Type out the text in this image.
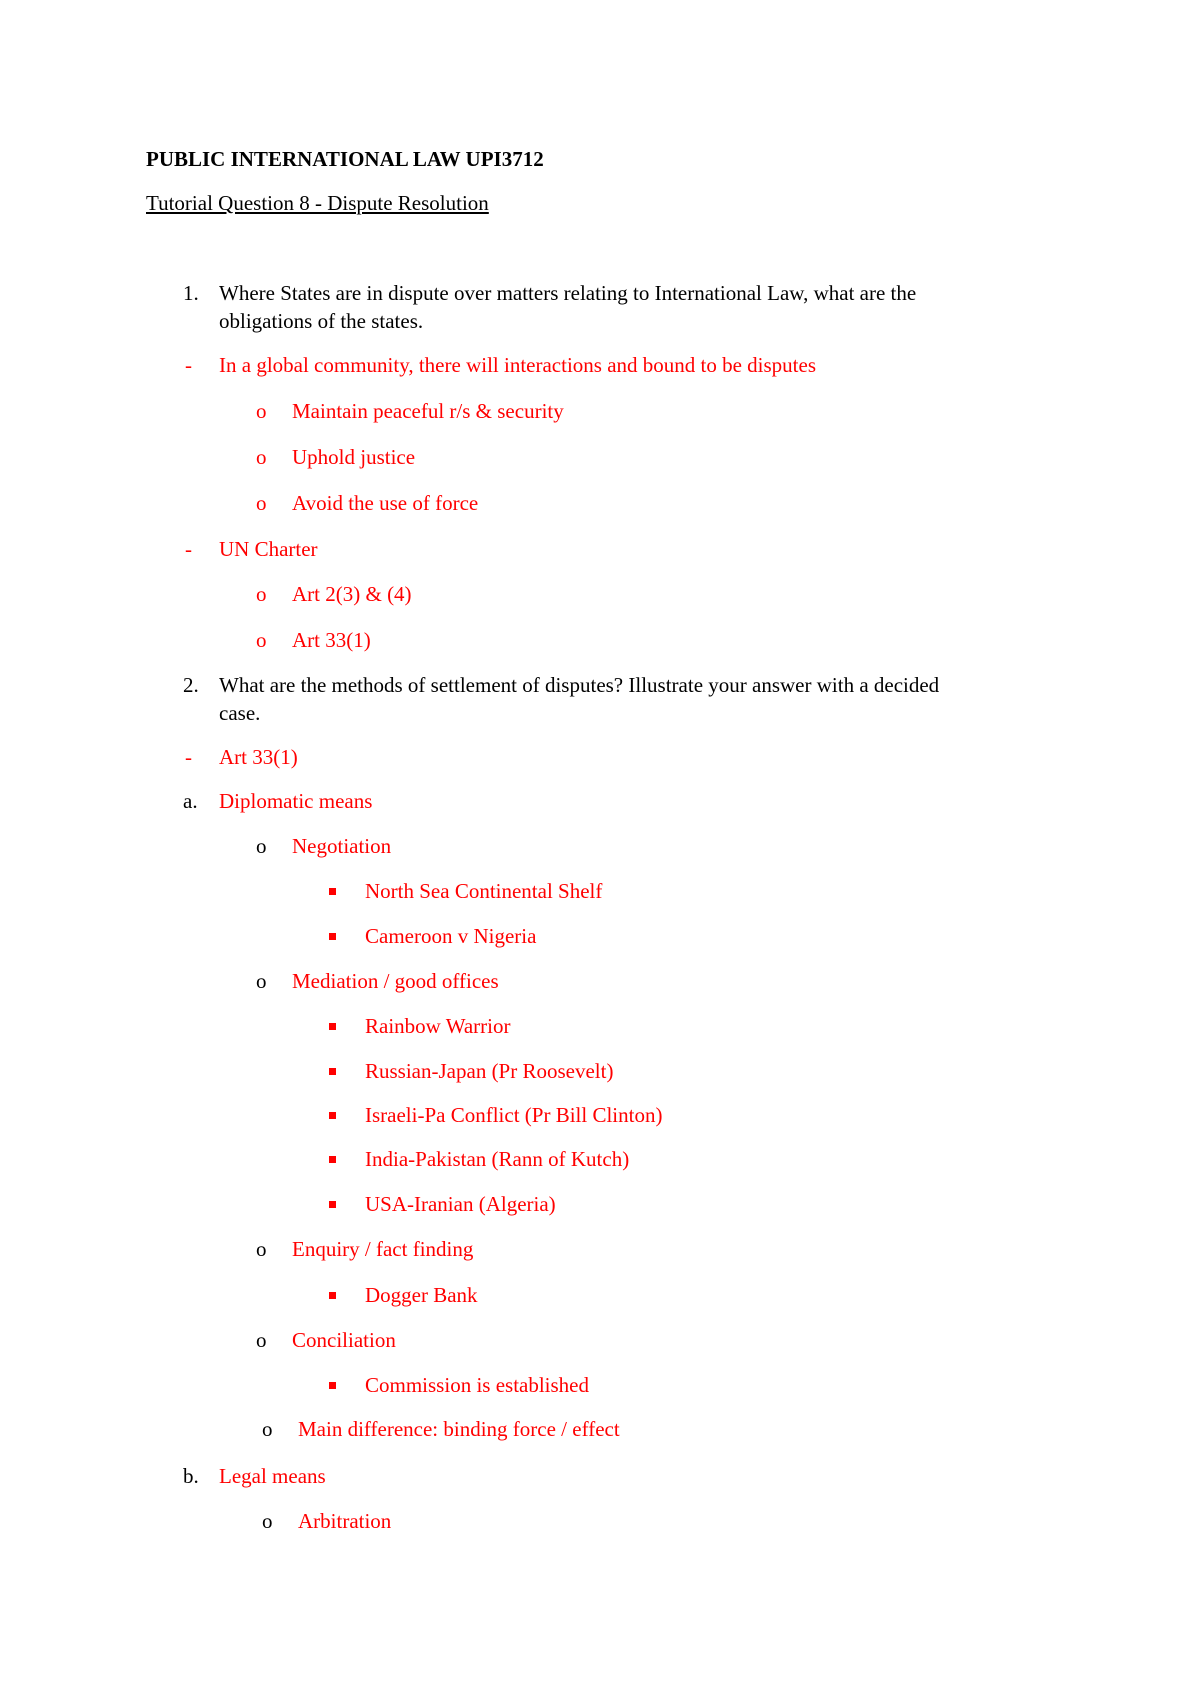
PUBLIC INTERNATIONAL LAW UPI3712
Tutorial Question 8 - Dispute Resolution
1. Where States are in dispute over matters relating to International Law, what are the
obligations of the states.
- In a global community, there will interactions and bound to be disputes
o Maintain peaceful r/s & security
o Uphold justice
o Avoid the use of force
- UN Charter
o Art 2(3) & (4)
o Art 33(1)
2. What are the methods of settlement of disputes? Illustrate your answer with a decided
case.
- Art 33(1)
a. Diplomatic means
o Negotiation
North Sea Continental Shelf
Cameroon v Nigeria
o Mediation / good offices
Rainbow Warrior
Russian-Japan (Pr Roosevelt)
Israeli-Pa Conflict (Pr Bill Clinton)
India-Pakistan (Rann of Kutch)
USA-Iranian (Algeria)
o Enquiry / fact finding
Dogger Bank
o Conciliation
Commission is established
o Main difference: binding force / effect
b. Legal means
o Arbitration
